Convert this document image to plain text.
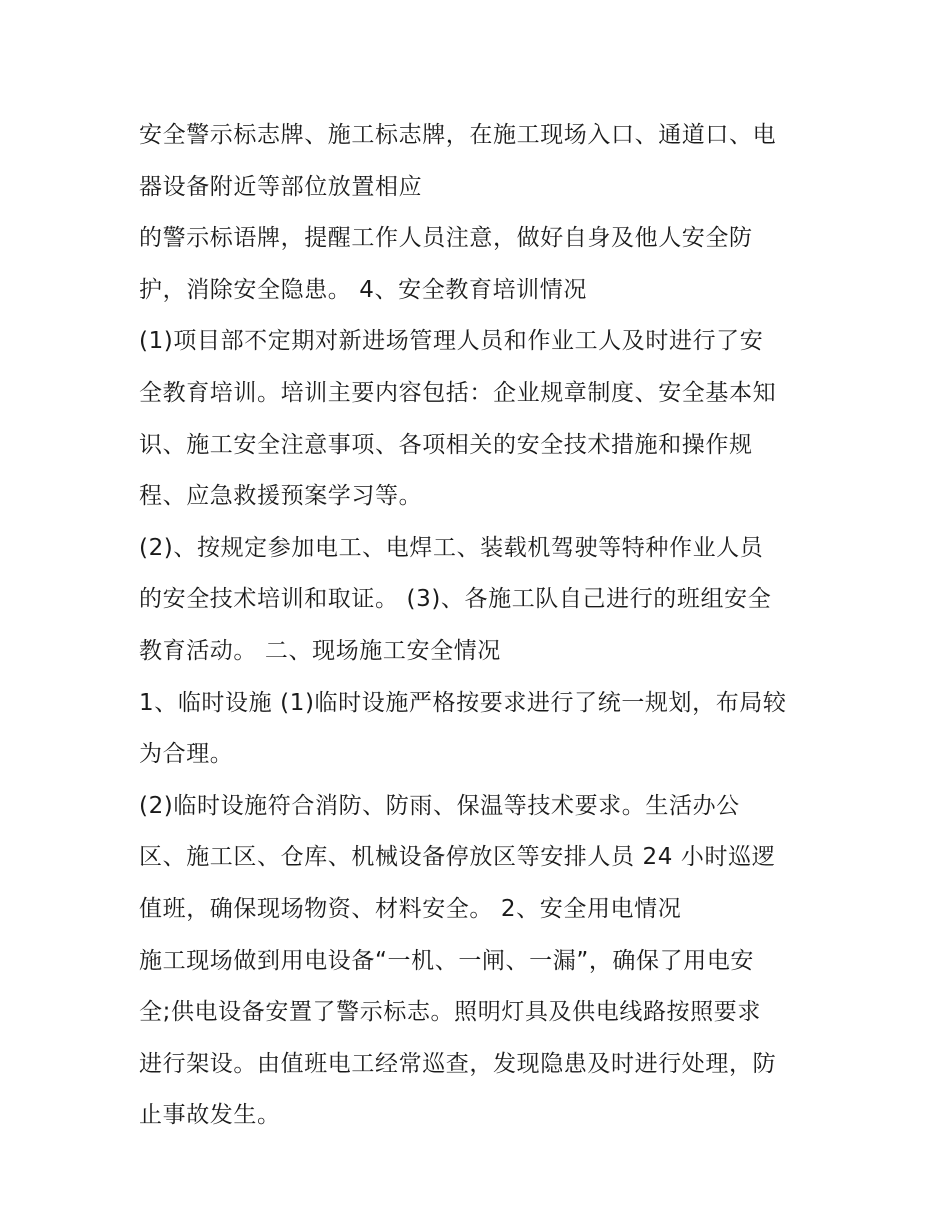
安全警示标志牌、施工标志牌，在施工现场入口、通道口、电
器设备附近等部位放置相应
的警示标语牌，提醒工作人员注意，做好自身及他人安全防
护，消除安全隐患。 4、安全教育培训情况
(1)项目部不定期对新进场管理人员和作业工人及时进行了安
全教育培训。培训主要内容包括：企业规章制度、安全基本知
识、施工安全注意事项、各项相关的安全技术措施和操作规
程、应急救援预案学习等。
(2)、按规定参加电工、电焊工、装载机驾驶等特种作业人员
的安全技术培训和取证。 (3)、各施工队自己进行的班组安全
教育活动。 二、现场施工安全情况
1、临时设施 (1)临时设施严格按要求进行了统一规划，布局较
为合理。
(2)临时设施符合消防、防雨、保温等技术要求。生活办公
区、施工区、仓库、机械设备停放区等安排人员 24 小时巡逻
值班，确保现场物资、材料安全。 2、安全用电情况
施工现场做到用电设备“一机、一闸、一漏”，确保了用电安
全;供电设备安置了警示标志。照明灯具及供电线路按照要求
进行架设。由值班电工经常巡查，发现隐患及时进行处理，防
止事故发生。
